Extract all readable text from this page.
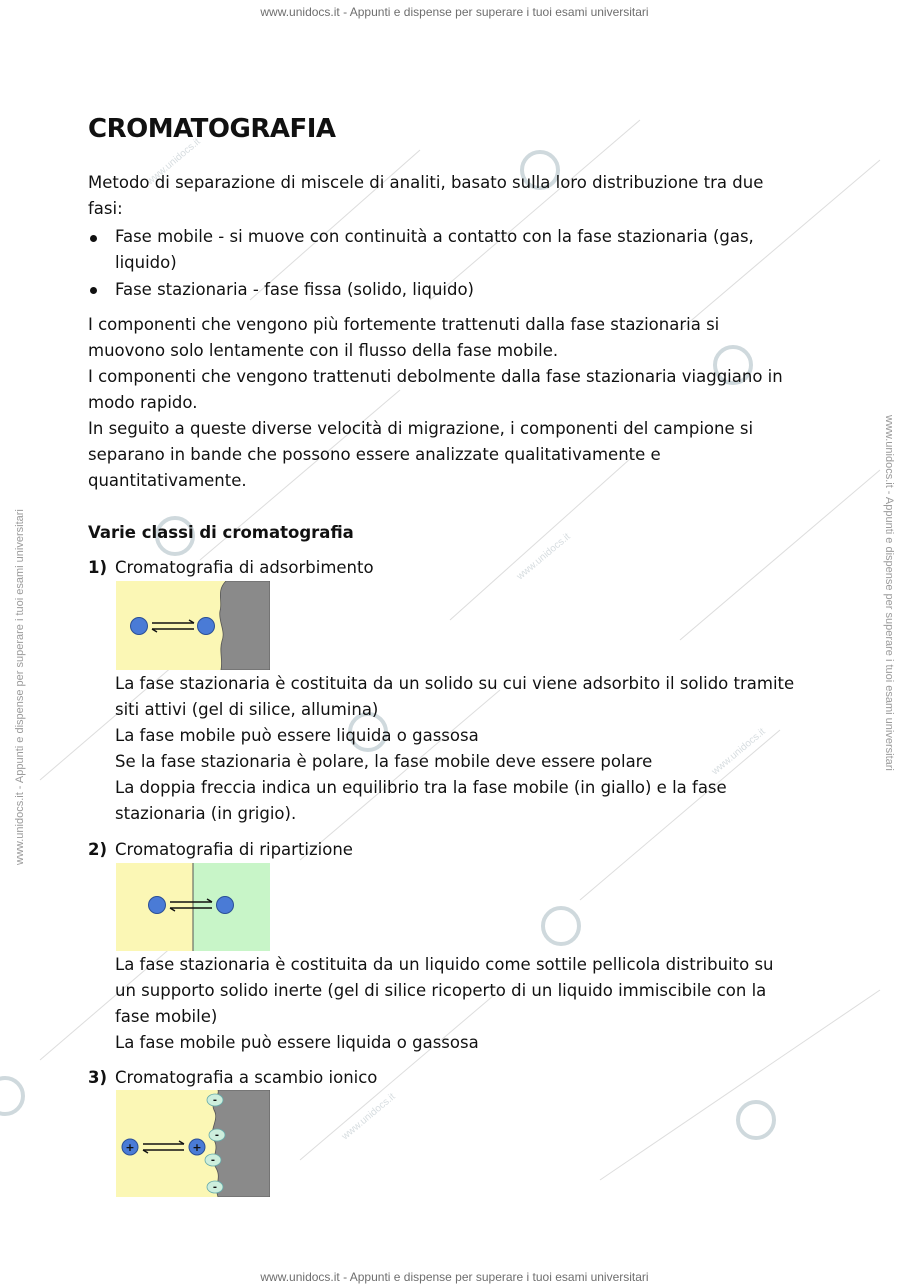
www.unidocs.it - Appunti e dispense per superare i tuoi esami universitari
www.unidocs.it - Appunti e dispense per superare i tuoi esami universitari
www.unidocs.it - Appunti e dispense per superare i tuoi esami universitari	www.unidocs.it - Appunti e dispense per superare i tuoi esami universitari
www.unidocs.it
www.unidocs.it
www.unidocs.it
www.unidocs.it
CROMATOGRAFIA
Metodo di separazione di miscele di analiti, basato sulla loro distribuzione tra due
fasi:
Fase mobile - si muove con continuità a contatto con la fase stazionaria (gas,
liquido)
Fase stazionaria - fase fissa (solido, liquido)
I componenti che vengono più fortemente trattenuti dalla fase stazionaria si
muovono solo lentamente con il flusso della fase mobile.
I componenti che vengono trattenuti debolmente dalla fase stazionaria viaggiano in
modo rapido.
In seguito a queste diverse velocità di migrazione, i componenti del campione si
separano in bande che possono essere analizzate qualitativamente e
quantitativamente.
Varie classi di cromatografia
1) Cromatografia di adsorbimento
La fase stazionaria è costituita da un solido su cui viene adsorbito il solido tramite
siti attivi (gel di silice, allumina)
La fase mobile può essere liquida o gassosa
Se la fase stazionaria è polare, la fase mobile deve essere polare
La doppia freccia indica un equilibrio tra la fase mobile (in giallo) e la fase
stazionaria (in grigio).
2) Cromatografia di ripartizione
La fase stazionaria è costituita da un liquido come sottile pellicola distribuito su
un supporto solido inerte (gel di silice ricoperto di un liquido immiscibile con la
fase mobile)
La fase mobile può essere liquida o gassosa
3) Cromatografia a scambio ionico
+	+
-
-
-
-
